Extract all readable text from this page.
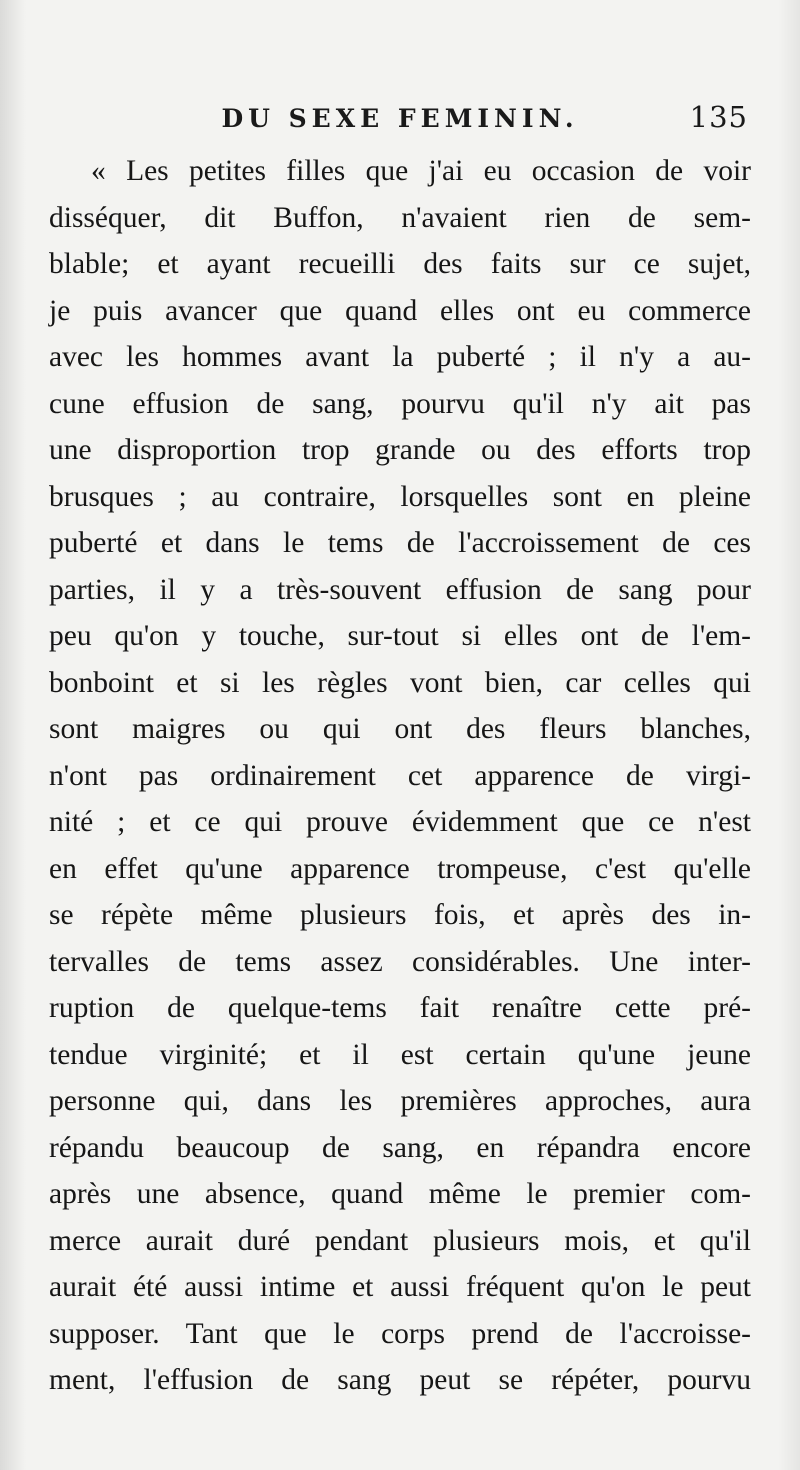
DU SEXE FEMININ.	135
« Les petites filles que j'ai eu occasion de voir
disséquer, dit Buffon, n'avaient rien de sem-
blable; et ayant recueilli des faits sur ce sujet,
je puis avancer que quand elles ont eu commerce
avec les hommes avant la puberté ; il n'y a au-
cune effusion de sang, pourvu qu'il n'y ait pas
une disproportion trop grande ou des efforts trop
brusques ; au contraire, lorsquelles sont en pleine
puberté et dans le tems de l'accroissement de ces
parties, il y a très-souvent effusion de sang pour
peu qu'on y touche, sur-tout si elles ont de l'em-
bonboint et si les règles vont bien, car celles qui
sont maigres ou qui ont des fleurs blanches,
n'ont pas ordinairement cet apparence de virgi-
nité ; et ce qui prouve évidemment que ce n'est
en effet qu'une apparence trompeuse, c'est qu'elle
se répète même plusieurs fois, et après des in-
tervalles de tems assez considérables. Une inter-
ruption de quelque-tems fait renaître cette pré-
tendue virginité; et il est certain qu'une jeune
personne qui, dans les premières approches, aura
répandu beaucoup de sang, en répandra encore
après une absence, quand même le premier com-
merce aurait duré pendant plusieurs mois, et qu'il
aurait été aussi intime et aussi fréquent qu'on le peut
supposer. Tant que le corps prend de l'accroisse-
ment, l'effusion de sang peut se répéter, pourvu
